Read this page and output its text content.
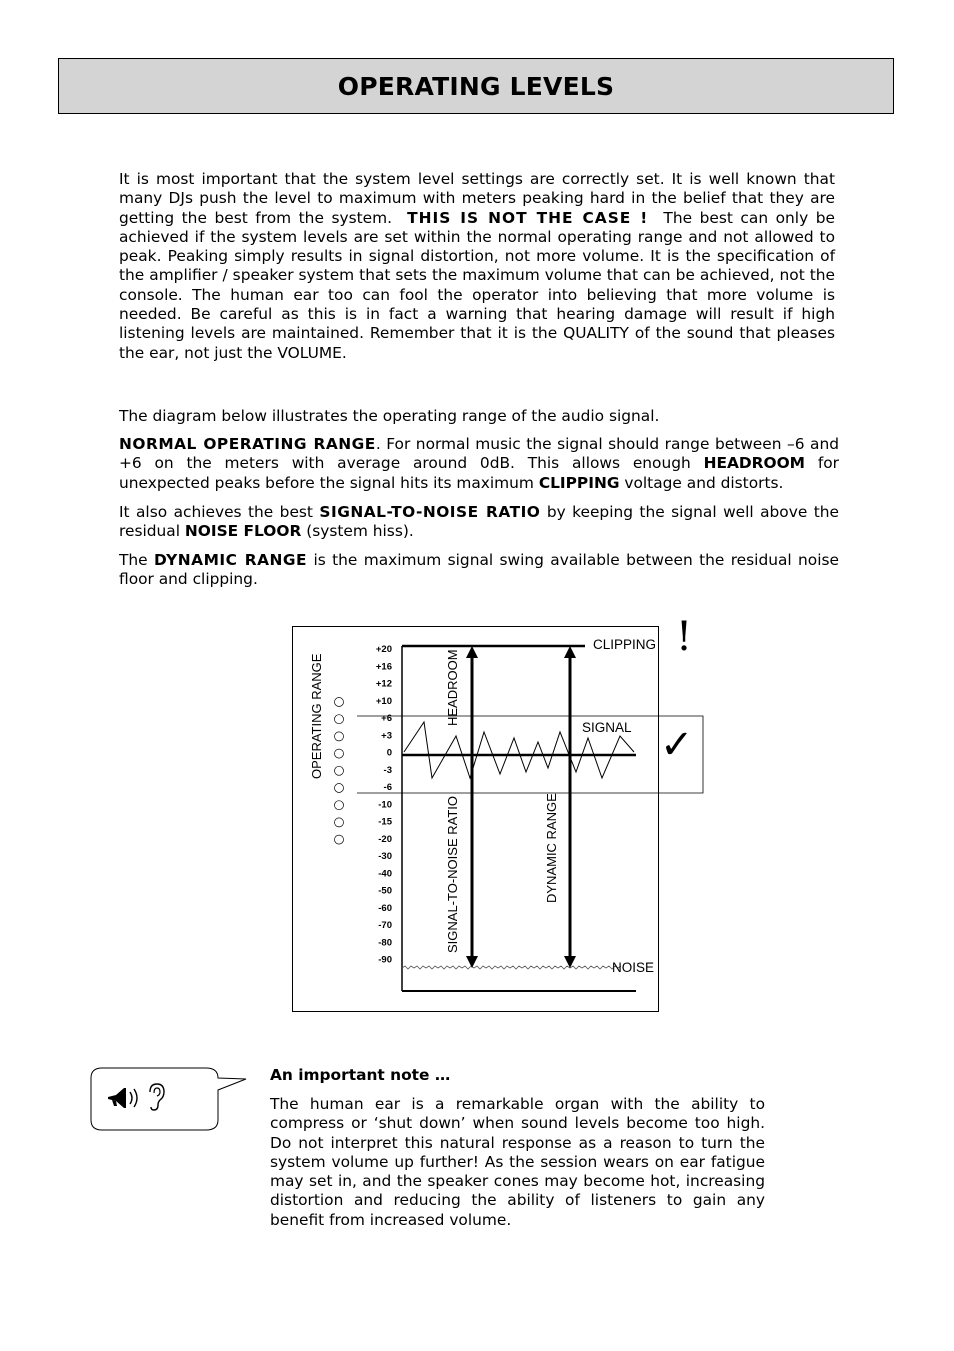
OPERATING LEVELS

It is most important that the system level settings are correctly set. It is well known that many DJs push the level to maximum with meters peaking hard in the belief that they are getting the best from the system. THIS IS NOT THE CASE ! The best can only be achieved if the system levels are set within the normal operating range and not allowed to peak. Peaking simply results in signal distortion, not more volume. It is the specification of the amplifier / speaker system that sets the maximum volume that can be achieved, not the console. The human ear too can fool the operator into believing that more volume is needed. Be careful as this is in fact a warning that hearing damage will result if high listening levels are maintained. Remember that it is the QUALITY of the sound that pleases the ear, not just the VOLUME.

The diagram below illustrates the operating range of the audio signal.

NORMAL OPERATING RANGE. For normal music the signal should range between –6 and +6 on the meters with average around 0dB. This allows enough HEADROOM for unexpected peaks before the signal hits its maximum CLIPPING voltage and distorts.

It also achieves the best SIGNAL-TO-NOISE RATIO by keeping the signal well above the residual NOISE FLOOR (system hiss).

The DYNAMIC RANGE is the maximum signal swing available between the residual noise floor and clipping.

+20
+16
+12
+10
+6
+3
0
-3
-6
-10
-15
-20
-30
-40
-50
-60
-70
-80
-90
OPERATING RANGE	HEADROOM
SIGNAL-TO-NOISE RATIO	DYNAMIC RANGE
CLIPPING
SIGNAL
NOISE
!
✓

An important note …

The human ear is a remarkable organ with the ability to compress or ‘shut down’ when sound levels become too high. Do not interpret this natural response as a reason to turn the system volume up further! As the session wears on ear fatigue may set in, and the speaker cones may become hot, increasing distortion and reducing the ability of listeners to gain any benefit from increased volume.
